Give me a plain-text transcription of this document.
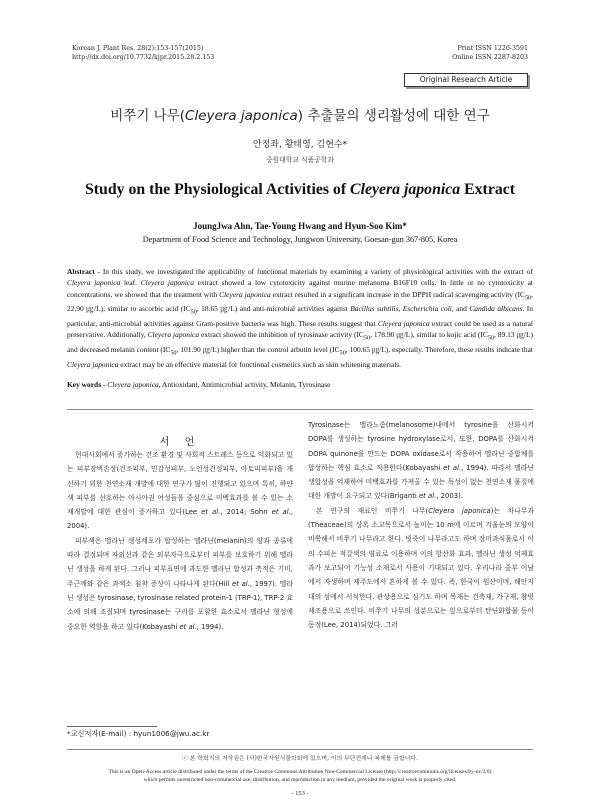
Korean J. Plant Res. 28(2):153-157(2015)
http://dx.doi.org/10.7732/kjpr.2015.28.2.153
Print ISSN 1226-3591
Online ISSN 2287-8203
Original Research Article
비쭈기 나무(Cleyera japonica) 추출물의 생리활성에 대한 연구
안정좌, 황태영, 김현수*
중원대학교 식품공학과
Study on the Physiological Activities of Cleyera japonica Extract
JoungJwa Ahn, Tae-Young Hwang and Hyun-Soo Kim*
Department of Food Science and Technology, Jungwon University, Goesan-gun 367-805, Korea
Abstract - In this study, we investigated the applicability of functional materials by examining a variety of physiological activities with the extract of Cleyera japonica leaf. Cleyera japonica extract showed a low cytotoxicity against murine melanoma B16F10 cells. In little or no cytotoxicity at concentrations, we showed that the treatment with Cleyera japonica extract resulted in a significant increase in the DPPH radical scavenging activity ($IC_{50}$, 22.90 ㎍/L), similar to ascorbic acid ($IC_{50}$, 18.65 ㎍/L) and anti-microbial activities against Bacillus subtilis, Escherichia coli, and Candida albicans. In particular, anti-microbial activities against Gram-positive bacteria was high. These results suggest that Cleyera japonica extract could be used as a natural preservative. Additionally, Cleyera japonica extract showed the inhibition of tyrosinase activity ($IC_{50}$, 178.90 ㎍/L), similar to kojic acid ($IC_{50}$, 89.13 ㎍/L) and decreased melanin content ($IC_{50}$, 101.90 ㎍/L) higher than the control arbutin level ($IC_{50}$, 100.65 ㎍/L), especially. Therefore, these results indicate that Cleyera japonica extract may be an effective material for functional cosmetics such as skin whitening materials.
Key words - Cleyera japonica, Antioxidant, Antimicrobial activity, Melanin, Tyrosinase
서 언

현대사회에서 증가하는 건조 환경 및 사회적 스트레스 등으로 익화되고 있는 피부장벽손상(건조피부, 민감성피부, 노인성건성피부, 아토피피부)을 개선하기 위한 천연소재 개발에 대한 연구가 많이 진행되고 있으며 특히, 하얀색 피부를 선호하는 아시아권 여성들을 중심으로 미백효과를 볼 수 있는 소재개발에 대한 관심이 증가하고 있다(Lee et al., 2014; Sohn et al., 2004).

피부색은 멜라닌 생성세포가 합성하는 멜라닌(melanin)의 양과 종류에 따라 결정되며 자외선과 같은 외부자극으로부터 피부를 보호하기 위해 멜라닌 생성을 하게 된다. 그러나 피부표면에 과도한 멜라닌 합성과 축적은 기미, 주근깨와 같은 과색소 침착 증상이 나타나게 된다(Hill et al., 1997). 멜라닌 생성은 tyrosinase, tyrosinase related protein-1 (TRP-1), TRP-2 효소에 의해 조절되며 tyrosinase는 구리를 포함한 효소로서 멜라닌 형성에 중요한 역할을 하고 있다(Kobayashi et al., 1994).

Tyrosinase는 멜라노좀(melanosome)내에서 tyrosine을 산화시켜 DOPA를 생성하는 tyrosine hydroxylase로서, 또한, DOPA를 산화시켜 DOPA quinone을 만드는 DOPA oxidase로서 작용하여 멜라닌 중합체를 합성하는 핵심 효소로 작용한다(Kobayashi et al., 1994). 따라서 멜라닌 생합성을 억제하여 미백효과를 가져올 수 있는 독성이 없는 천연소재 물질에 대한 개발이 요구되고 있다(Briganti et al., 2003).

본 연구의 재료인 비쭈기 나무(Cleyera japonica)는 차나무과(Theaceae)의 상록 소교목으로서 높이는 10 m에 이르며 겨울눈의 모양이 비쭉해서 비쭈기 나무라고 한다. 빗죽이 나무라고도 하며 장미과식물로서 이의 수피는 적갈색의 염료로 이용하며 이의 항산화 효과, 멜라닌 생성 억제효과가 보고되어 기능성 소재로서 사용이 기대되고 있다. 우리나라 중부 이남에서 자생하며 제주도에서 흔하게 볼 수 있다. 즉, 한국이 원산이며, 해안지대의 섬에서 서식한다. 관상용으로 심기도 하며 목재는 건축재, 가구재, 참빗 제조용으로 쓰인다. 비쭈기 나무의 성분으로는 잎으로부터 탄닌화합물 등이 동정(Lee, 2014)되었다. 그러

*교신저자(E-mail) : hyun1006@jwu.ac.kr
ⓒ 본 학회지의 저작권은 (사)한국자원식물학회에 있으며, 이의 무단전재나 복제를 금합니다.
This is an Open-Access article distributed under the terms of the Creative Commons Attribution Non-Commercial License (http://creativecommons.org/licenses/by-nc/3.0)
which permits unrestricted non-commercial use, distribution, and reproduction in any medium, provided the original work is properly cited.
- 153 -
